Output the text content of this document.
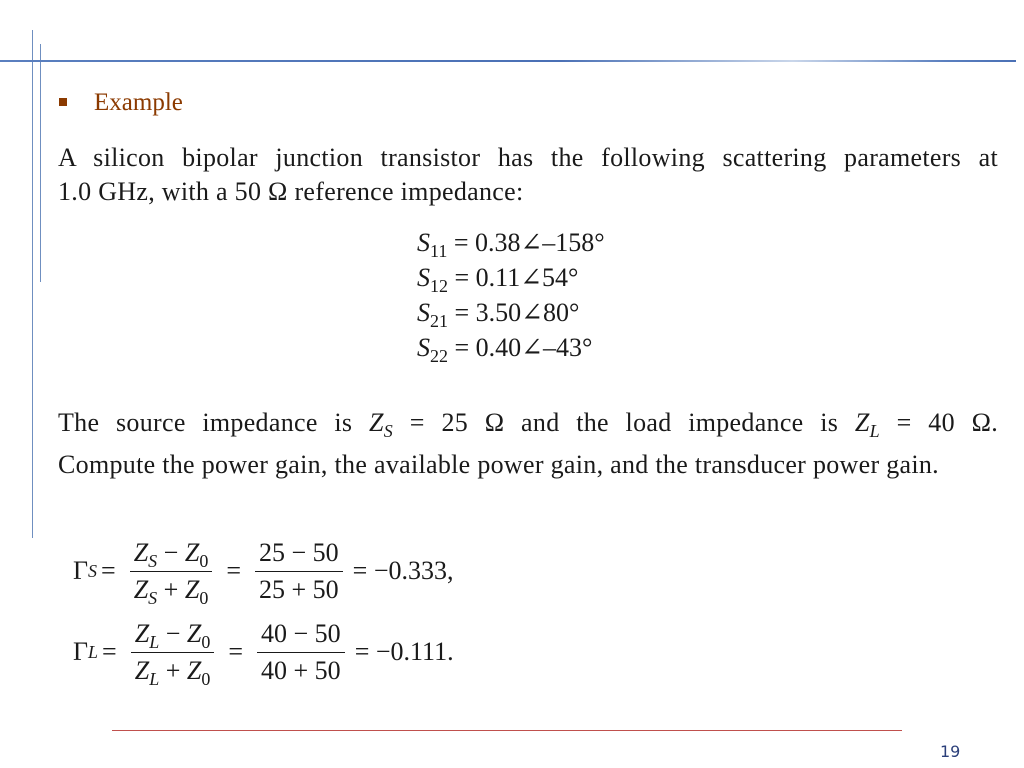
Example
A silicon bipolar junction transistor has the following scattering parameters at
1.0 GHz, with a 50 Ω reference impedance:
$S_{11}$ = 0.38∠–158°
$S_{12}$ = 0.11∠54°
$S_{21}$ = 3.50∠80°
$S_{22}$ = 0.40∠–43°
The source impedance is $Z_S = 25$ Ω and the load impedance is $Z_L = 40$ Ω.
Compute the power gain, the available power gain, and the transducer power gain.
Γ $S = \frac{Z_S - Z_0}{Z_S + Z_0} = \frac{25 - 50}{25 + 50} = -0.333$,
Γ $L = \frac{Z_L - Z_0}{Z_L + Z_0} = \frac{40 - 50}{40 + 50} = -0.111$.
19
